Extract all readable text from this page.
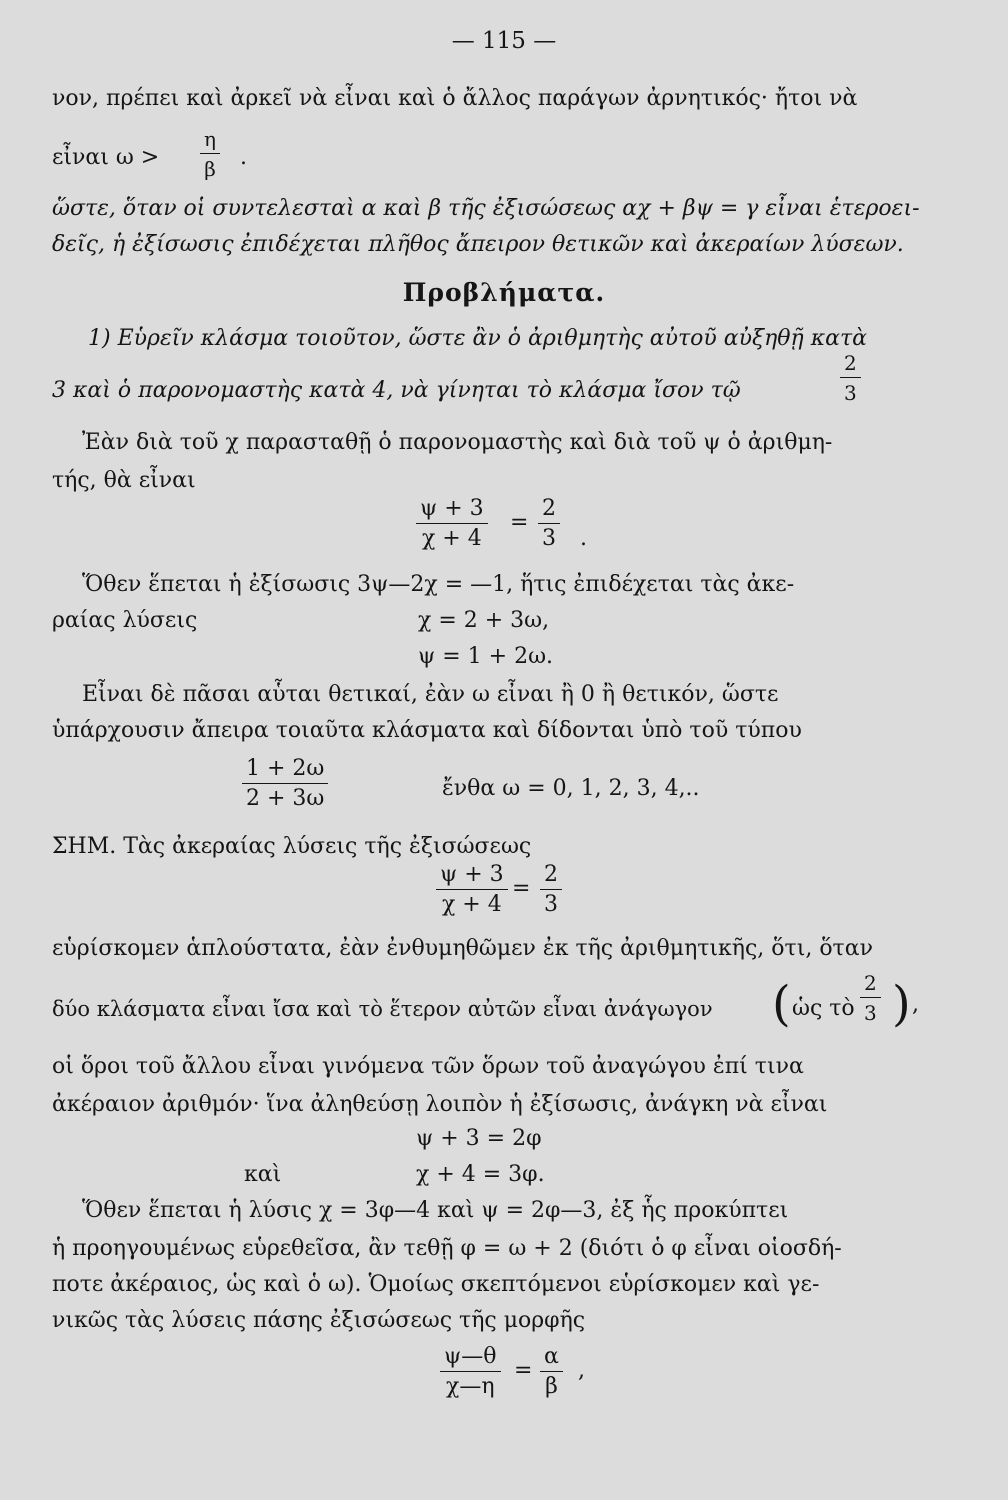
— 115 —
νον, πρέπει καὶ ἀρκεῖ νὰ εἶναι καὶ ὁ ἄλλος παράγων ἀρνητικός· ἤτοι νὰ
εἶναι $\omega > \frac{\eta}{\beta}$ .
ὥστε, ὅταν οἱ συντελεσταὶ α καὶ β τῆς ἐξισώσεως αχ + βψ = γ εἶναι ἑτεροει-
δεῖς, ἡ ἐξίσωσις ἐπιδέχεται πλῆθος ἄπειρον θετικῶν καὶ ἀκεραίων λύσεων.
Προβλήματα.
1) Εὑρεῖν κλάσμα τοιοῦτον, ὥστε ἂν ὁ ἀριθμητὴς αὐτοῦ αὐξηθῇ κατὰ
3 καὶ ὁ παρονομαστὴς κατὰ 4, νὰ γίνηται τὸ κλάσμα ἴσον τῷ	$\frac{2}{3}$
Ἐὰν διὰ τοῦ χ παρασταθῇ ὁ παρονομαστὴς καὶ διὰ τοῦ ψ ὁ ἀριθμη-
τής, θὰ εἶναι
$\frac{\psi + 3}{\chi + 4} = \frac{2}{3}$ .
Ὅθεν ἕπεται ἡ ἐξίσωσις 3ψ—2χ = —1, ἥτις ἐπιδέχεται τὰς ἀκε-
ραίας λύσεις	χ = 2 + 3ω,
ψ = 1 + 2ω.
Εἶναι δὲ πᾶσαι αὗται θετικαί, ἐὰν ω εἶναι ἢ 0 ἢ θετικόν, ὥστε
ὑπάρχουσιν ἄπειρα τοιαῦτα κλάσματα καὶ δίδονται ὑπὸ τοῦ τύπου
$\frac{1 + 2\omega}{2 + 3\omega}$	ἔνθα ω = 0, 1, 2, 3, 4,..
ΣΗΜ. Τὰς ἀκεραίας λύσεις τῆς ἐξισώσεως
$\frac{\psi + 3}{\chi + 4} = \frac{2}{3}$
εὑρίσκομεν ἁπλούστατα, ἐὰν ἐνθυμηθῶμεν ἐκ τῆς ἀριθμητικῆς, ὅτι, ὅταν
δύο κλάσματα εἶναι ἴσα καὶ τὸ ἕτερον αὐτῶν εἶναι ἀνάγωγον ( ὡς τὸ $\frac{2}{3}$ ) ,
οἱ ὅροι τοῦ ἄλλου εἶναι γινόμενα τῶν ὅρων τοῦ ἀναγώγου ἐπί τινα
ἀκέραιον ἀριθμόν· ἵνα ἀληθεύσῃ λοιπὸν ἡ ἐξίσωσις, ἀνάγκη νὰ εἶναι
ψ + 3 = 2φ
καὶ	χ + 4 = 3φ.
Ὅθεν ἕπεται ἡ λύσις χ = 3φ—4 καὶ ψ = 2φ—3, ἐξ ἧς προκύπτει
ἡ προηγουμένως εὑρεθεῖσα, ἂν τεθῇ φ = ω + 2 (διότι ὁ φ εἶναι οἱοσδή-
ποτε ἀκέραιος, ὡς καὶ ὁ ω). Ὁμοίως σκεπτόμενοι εὑρίσκομεν καὶ γε-
νικῶς τὰς λύσεις πάσης ἐξισώσεως τῆς μορφῆς
$\frac{\psi—\theta}{\chi—\eta} = \frac{\alpha}{\beta}$ ,
